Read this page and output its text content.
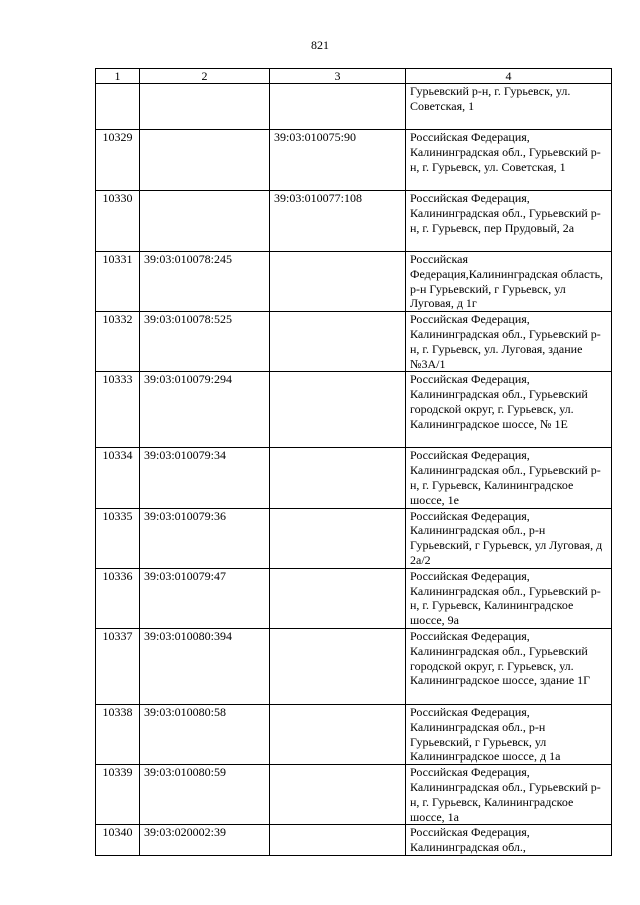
821
1	2	3	4
			Гурьевский р-н, г. Гурьевск, ул. Советская, 1
10329		39:03:010075:90	Российская Федерация, Калининградская обл., Гурьевский р-н, г. Гурьевск, ул. Советская, 1
10330		39:03:010077:108	Российская Федерация, Калининградская обл., Гурьевский р-н, г. Гурьевск, пер Прудовый, 2а
10331	39:03:010078:245		Российская Федерация,Калининградская область, р-н Гурьевский, г Гурьевск, ул Луговая, д 1г
10332	39:03:010078:525		Российская Федерация, Калининградская обл., Гурьевский р-н, г. Гурьевск, ул. Луговая, здание №3А/1
10333	39:03:010079:294		Российская Федерация, Калининградская обл., Гурьевский городской округ, г. Гурьевск, ул. Калининградское шоссе, № 1Е
10334	39:03:010079:34		Российская Федерация, Калининградская обл., Гурьевский р-н, г. Гурьевск, Калининградское шоссе, 1е
10335	39:03:010079:36		Российская Федерация, Калининградская обл., р-н Гурьевский, г Гурьевск, ул Луговая, д 2а/2
10336	39:03:010079:47		Российская Федерация, Калининградская обл., Гурьевский р-н, г. Гурьевск, Калининградское шоссе, 9а
10337	39:03:010080:394		Российская Федерация, Калининградская обл., Гурьевский городской округ, г. Гурьевск, ул. Калининградское шоссе, здание 1Г
10338	39:03:010080:58		Российская Федерация, Калининградская обл., р-н Гурьевский, г Гурьевск, ул Калининградское шоссе, д 1а
10339	39:03:010080:59		Российская Федерация, Калининградская обл., Гурьевский р-н, г. Гурьевск, Калининградское шоссе, 1а
10340	39:03:020002:39		Российская Федерация, Калининградская обл.,
